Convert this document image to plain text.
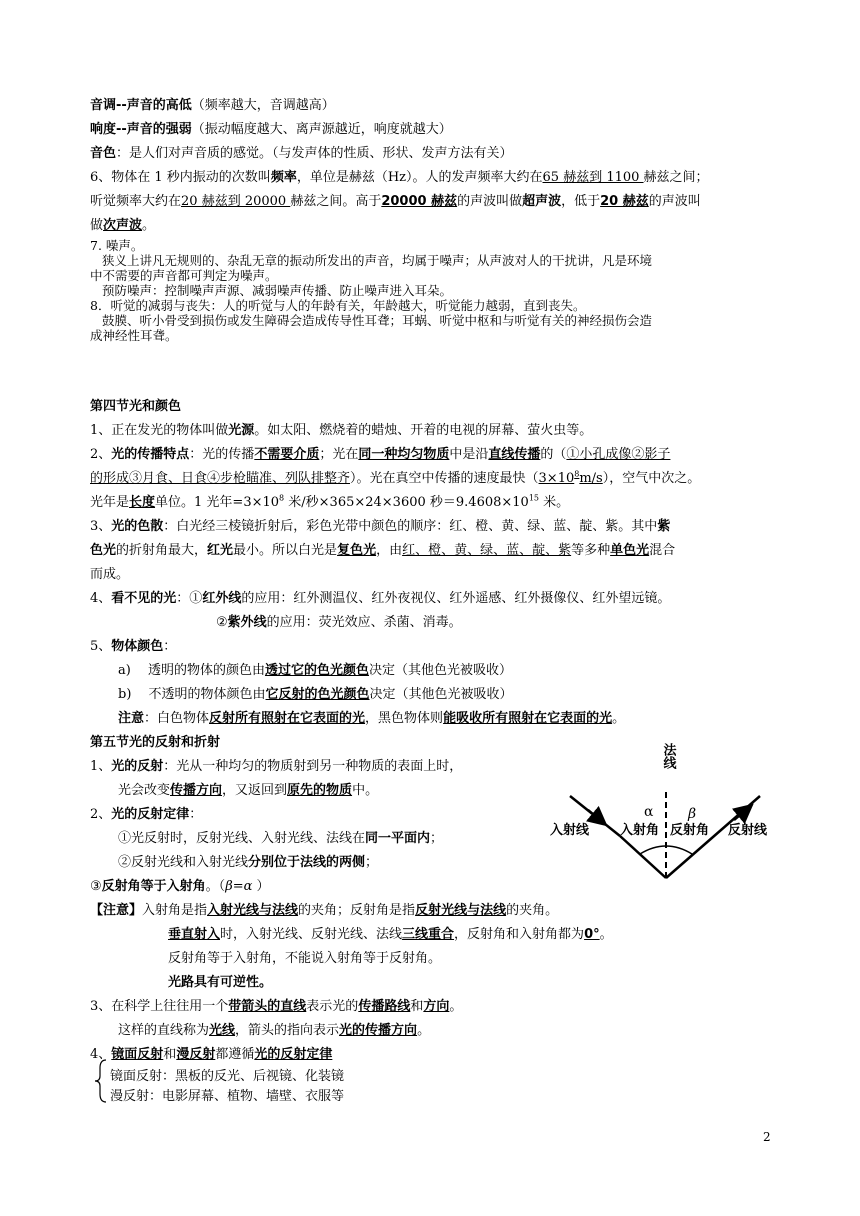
音调--声音的高低（频率越大，音调越高）
响度--声音的强弱（振动幅度越大、离声源越近，响度就越大）
音色：是人们对声音质的感觉。（与发声体的性质、形状、发声方法有关）
6、物体在 1 秒内振动的次数叫频率，单位是赫兹（Hz）。人的发声频率大约在65 赫兹到 1100 赫兹之间；
听觉频率大约在20 赫兹到 20000 赫兹之间。高于20000 赫兹的声波叫做超声波，低于20 赫兹的声波叫
做次声波。
7. 噪声。
狭义上讲凡无规则的、杂乱无章的振动所发出的声音，均属于噪声；从声波对人的干扰讲，凡是环境
中不需要的声音都可判定为噪声。
预防噪声：控制噪声声源、减弱噪声传播、防止噪声进入耳朵。
8．听觉的减弱与丧失：人的听觉与人的年龄有关，年龄越大，听觉能力越弱，直到丧失。
鼓膜、听小骨受到损伤或发生障碍会造成传导性耳聋；耳蜗、听觉中枢和与听觉有关的神经损伤会造
成神经性耳聋。
第四节光和颜色
1、正在发光的物体叫做光源。如太阳、燃烧着的蜡烛、开着的电视的屏幕、萤火虫等。
2、光的传播特点：光的传播不需要介质；光在同一种均匀物质中是沿直线传播的（①小孔成像②影子
的形成③月食、日食④步枪瞄准、列队排整齐）。光在真空中传播的速度最快$(3\times 10^8m/s)$，空气中次之。
光年是长度单位。1 光年$=3\times 10^8$ 米/秒×365×24×3600 秒$=9.4608\times 10^{15}$ 米。
3、光的色散：白光经三棱镜折射后，彩色光带中颜色的顺序：红、橙、黄、绿、蓝、靛、紫。其中紫
色光的折射角最大，红光最小。所以白光是复色光，由红、橙、黄、绿、蓝、靛、紫等多种单色光混合
而成。
4、看不见的光：①红外线的应用：红外测温仪、红外夜视仪、红外遥感、红外摄像仪、红外望远镜。
②紫外线的应用：荧光效应、杀菌、消毒。
5、物体颜色：
a)　 透明的物体的颜色由透过它的色光颜色决定（其他色光被吸收）
b)　 不透明的物体颜色由它反射的色光颜色决定（其他色光被吸收）
注意：白色物体反射所有照射在它表面的光，黑色物体则能吸收所有照射在它表面的光。
第五节光的反射和折射
1、光的反射：光从一种均匀的物质射到另一种物质的表面上时，
光会改变传播方向，又返回到原先的物质中。
2、光的反射定律：
①光反射时，反射光线、入射光线、法线在同一平面内；
②反射光线和入射光线分别位于法线的两侧；
③反射角等于入射角。（β=α ）
【注意】入射角是指入射光线与法线的夹角；反射角是指反射光线与法线的夹角。
垂直射入时，入射光线、反射光线、法线三线重合，反射角和入射角都为0°。
反射角等于入射角，不能说入射角等于反射角。
光路具有可逆性。
3、在科学上往往用一个带箭头的直线表示光的传播路线和方向。
这样的直线称为光线，箭头的指向表示光的传播方向。
4、镜面反射和漫反射都遵循光的反射定律
镜面反射：黑板的反光、后视镜、化装镜
漫反射：电影屏幕、植物、墙壁、衣服等
法线
α β
入射线 入射角 反射角 反射线
2
